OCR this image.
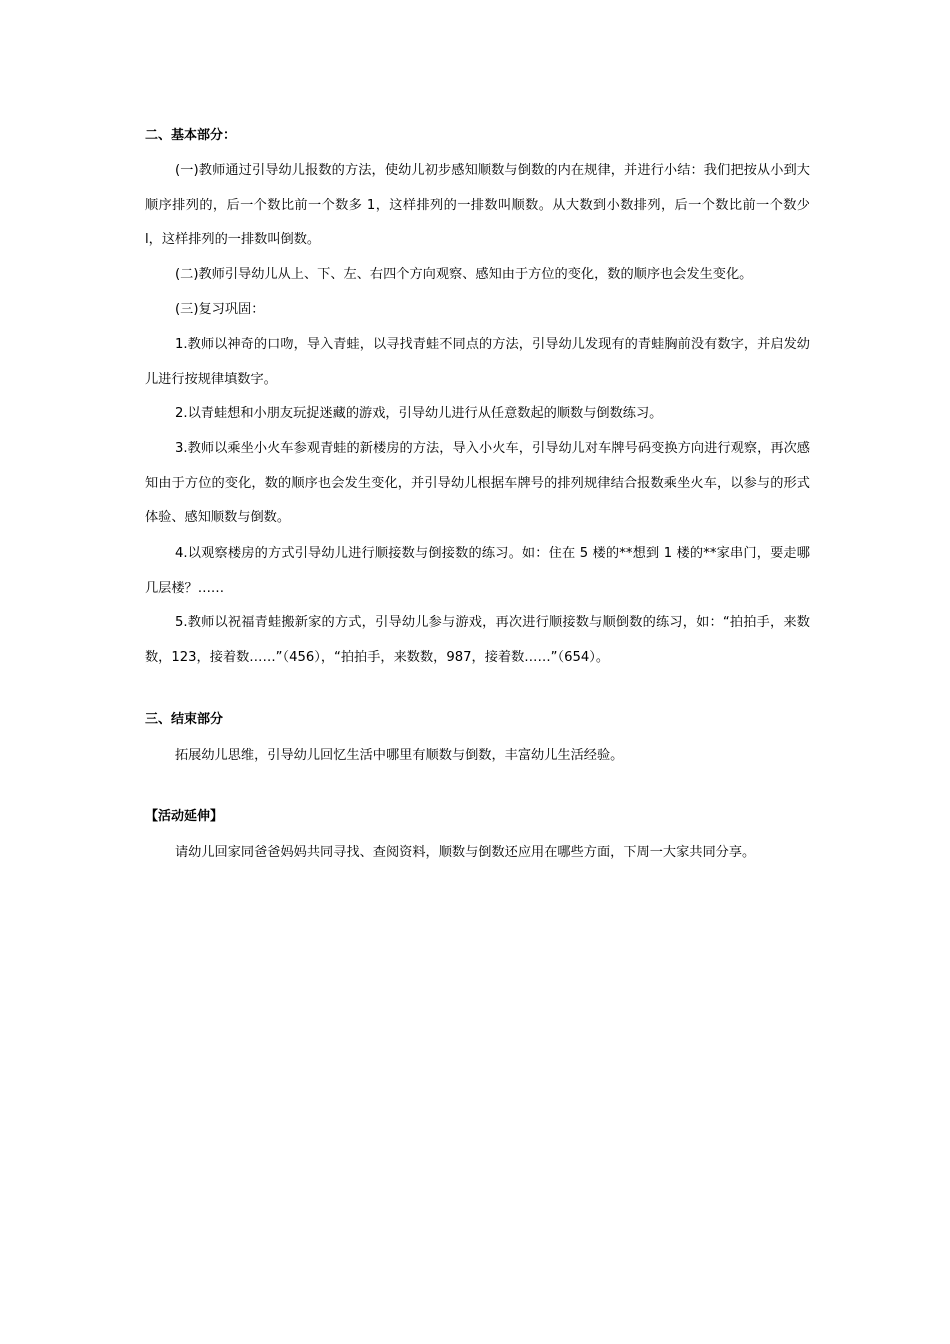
二、基本部分：

(一)教师通过引导幼儿报数的方法，使幼儿初步感知顺数与倒数的内在规律，并进行小结：我们把按从小到大顺序排列的，后一个数比前一个数多 1，这样排列的一排数叫顺数。从大数到小数排列，后一个数比前一个数少 l，这样排列的一排数叫倒数。

(二)教师引导幼儿从上、下、左、右四个方向观察、感知由于方位的变化，数的顺序也会发生变化。

(三)复习巩固：

1.教师以神奇的口吻，导入青蛙，以寻找青蛙不同点的方法，引导幼儿发现有的青蛙胸前没有数字，并启发幼儿进行按规律填数字。

2.以青蛙想和小朋友玩捉迷藏的游戏，引导幼儿进行从任意数起的顺数与倒数练习。

3.教师以乘坐小火车参观青蛙的新楼房的方法，导入小火车，引导幼儿对车牌号码变换方向进行观察，再次感知由于方位的变化，数的顺序也会发生变化，并引导幼儿根据车牌号的排列规律结合报数乘坐火车，以参与的形式体验、感知顺数与倒数。

4.以观察楼房的方式引导幼儿进行顺接数与倒接数的练习。如：住在 5 楼的**想到 1 楼的**家串门，要走哪几层楼？……

5.教师以祝福青蛙搬新家的方式，引导幼儿参与游戏，再次进行顺接数与顺倒数的练习，如：“拍拍手，来数数，123，接着数……”（456），“拍拍手，来数数，987，接着数……”（654）。

三、结束部分

拓展幼儿思维，引导幼儿回忆生活中哪里有顺数与倒数，丰富幼儿生活经验。

【活动延伸】

请幼儿回家同爸爸妈妈共同寻找、查阅资料，顺数与倒数还应用在哪些方面，下周一大家共同分享。
